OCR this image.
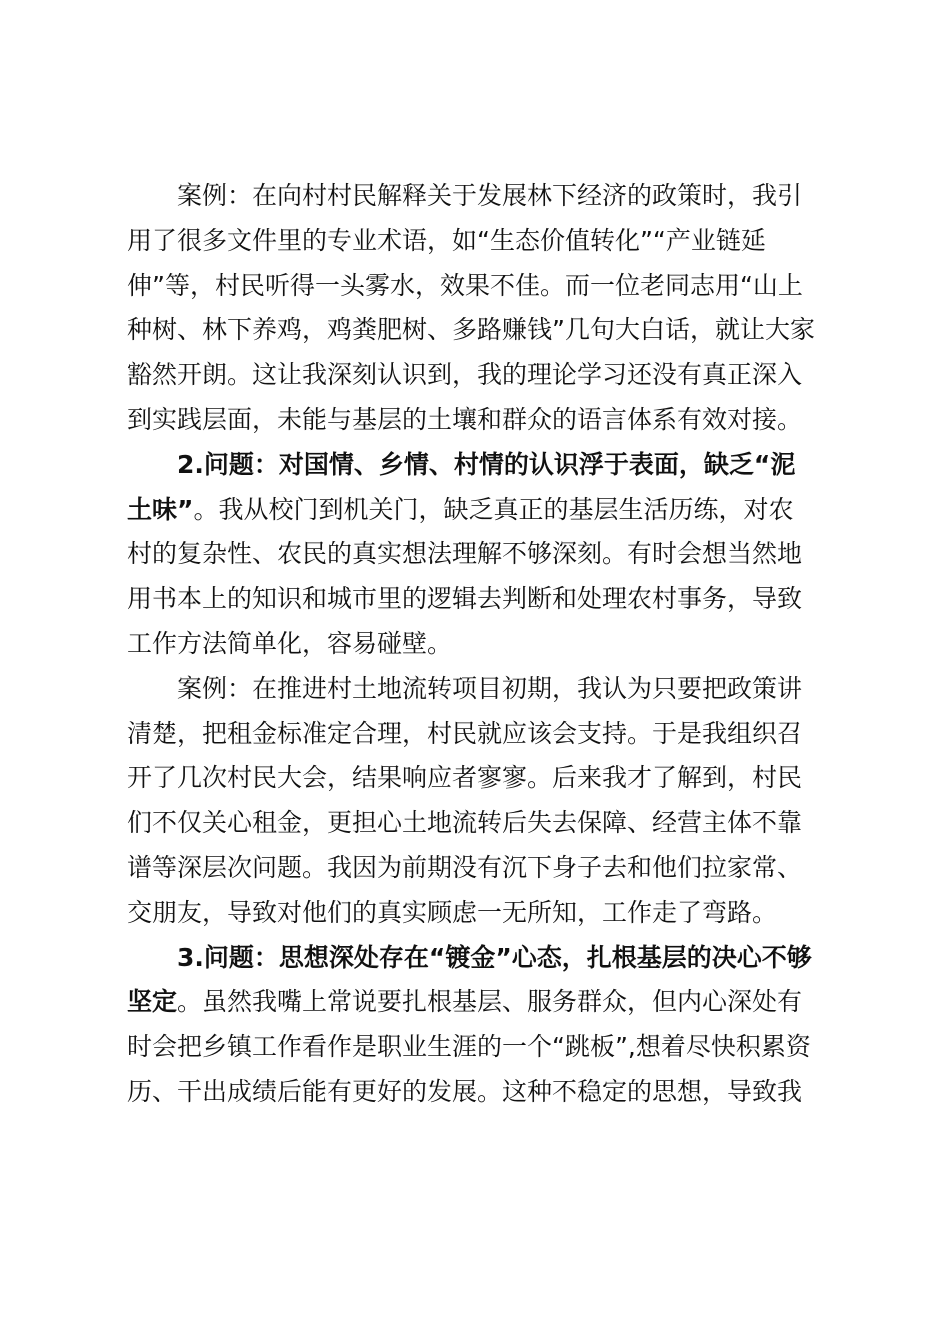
案例：在向村村民解释关于发展林下经济的政策时，我引
用了很多文件里的专业术语，如“生态价值转化”“产业链延
伸”等，村民听得一头雾水，效果不佳。而一位老同志用“山上
种树、林下养鸡，鸡粪肥树、多路赚钱”几句大白话，就让大家
豁然开朗。这让我深刻认识到，我的理论学习还没有真正深入
到实践层面，未能与基层的土壤和群众的语言体系有效对接。
2.问题：对国情、乡情、村情的认识浮于表面，缺乏“泥
土味”。我从校门到机关门，缺乏真正的基层生活历练，对农
村的复杂性、农民的真实想法理解不够深刻。有时会想当然地
用书本上的知识和城市里的逻辑去判断和处理农村事务，导致
工作方法简单化，容易碰壁。
案例：在推进村土地流转项目初期，我认为只要把政策讲
清楚，把租金标准定合理，村民就应该会支持。于是我组织召
开了几次村民大会，结果响应者寥寥。后来我才了解到，村民
们不仅关心租金，更担心土地流转后失去保障、经营主体不靠
谱等深层次问题。我因为前期没有沉下身子去和他们拉家常、
交朋友，导致对他们的真实顾虑一无所知，工作走了弯路。
3.问题：思想深处存在“镀金”心态，扎根基层的决心不够
坚定。虽然我嘴上常说要扎根基层、服务群众，但内心深处有
时会把乡镇工作看作是职业生涯的一个“跳板”,想着尽快积累资
历、干出成绩后能有更好的发展。这种不稳定的思想，导致我
